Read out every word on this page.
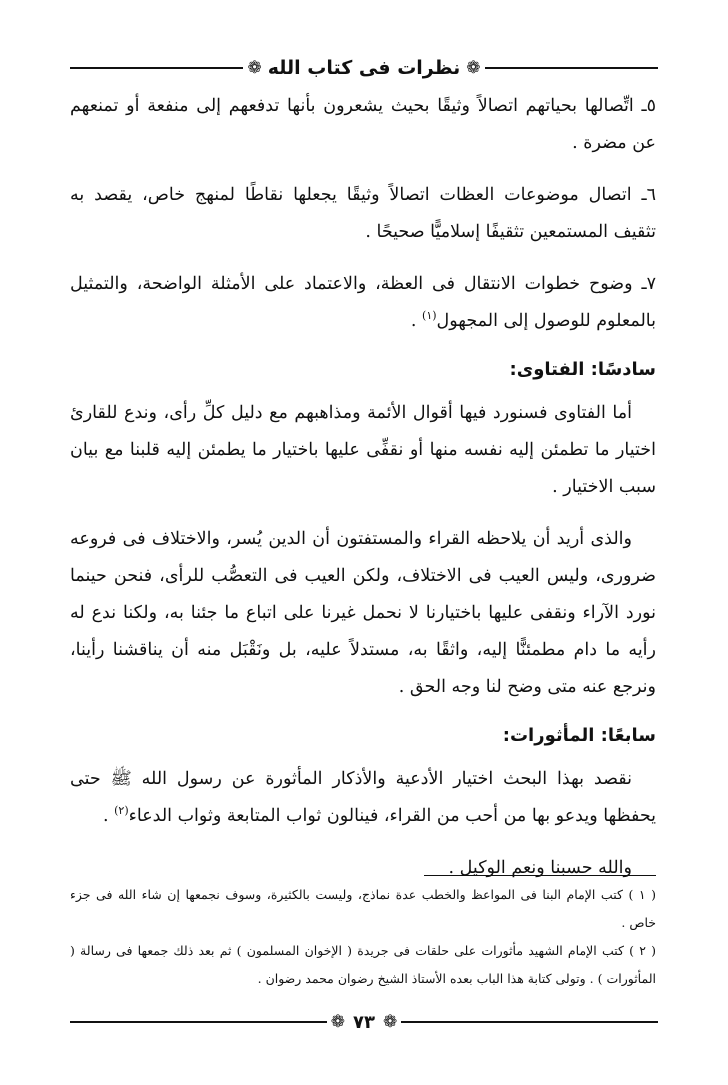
❁
نظرات فى كتاب الله
❁

٥ـ اتِّصالها بحياتهم اتصالاً وثيقًا بحيث يشعرون بأنها تدفعهم إلى منفعة أو تمنعهم عن مضرة .

٦ـ اتصال موضوعات العظات اتصالاً وثيقًا يجعلها نقاطًا لمنهج خاص، يقصد به تثقيف المستمعين تثقيفًا إسلاميًّا صحيحًا .

٧ـ وضوح خطوات الانتقال فى العظة، والاعتماد على الأمثلة الواضحة، والتمثيل بالمعلوم للوصول إلى المجهول$^{(١)}$ .

سادسًا: الفتاوى:

أما الفتاوى فسنورد فيها أقوال الأئمة ومذاهبهم مع دليل كلِّ رأى، وندع للقارئ اختيار ما تطمئن إليه نفسه منها أو نقفِّى عليها باختيار ما يطمئن إليه قلبنا مع بيان سبب الاختيار .

والذى أريد أن يلاحظه القراء والمستفتون أن الدين يُسر، والاختلاف فى فروعه ضرورى، وليس العيب فى الاختلاف، ولكن العيب فى التعصُّب للرأى، فنحن حينما نورد الآراء ونقفى عليها باختيارنا لا نحمل غيرنا على اتباع ما جئنا به، ولكنا ندع له رأيه ما دام مطمئنًّا إليه، واثقًا به، مستدلاً عليه، بل ونَقْبَل منه أن يناقشنا رأينا، ونرجع عنه متى وضح لنا وجه الحق .

سابعًا: المأثورات:

نقصد بهذا البحث اختيار الأدعية والأذكار المأثورة عن رسول الله ﷺ حتى يحفظها ويدعو بها من أحب من القراء، فينالون ثواب المتابعة وثواب الدعاء$^{(٢)}$ .

والله حسبنا ونعم الوكيل .

( ١ ) كتب الإمام البنا فى المواعظ والخطب عدة نماذج، وليست بالكثيرة، وسوف نجمعها إن شاء الله فى جزء خاص .

( ٢ ) كتب الإمام الشهيد مأثورات على حلقات فى جريدة ( الإخوان المسلمون ) ثم بعد ذلك جمعها فى رسالة ( المأثورات ) . وتولى كتابة هذا الباب بعده الأستاذ الشيخ رضوان محمد رضوان .

❁
٧٣
❁
